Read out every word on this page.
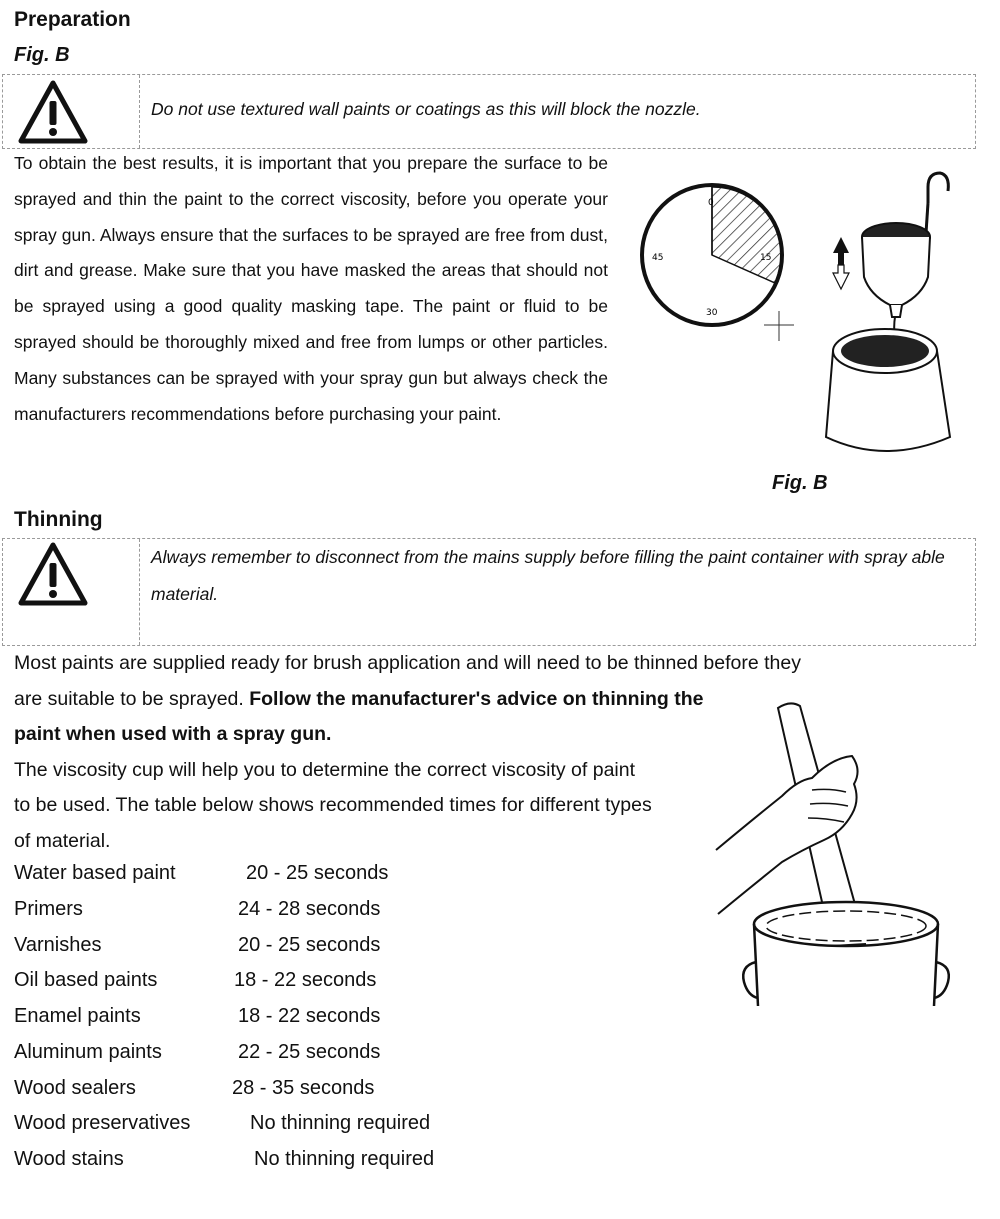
Preparation
Fig. B
Do not use textured wall paints or coatings as this will block the nozzle.
To obtain the best results, it is important that you prepare the surface to be sprayed and thin the paint to the correct viscosity, before you operate your spray gun. Always ensure that the surfaces to be sprayed are free from dust, dirt and grease. Make sure that you have masked the areas that should not be sprayed using a good quality masking tape. The paint or fluid to be sprayed should be thoroughly mixed and free from lumps or other particles. Many substances can be sprayed with your spray gun but always check the manufacturers recommendations before purchasing your paint.
0
15
30
45
Fig. B
Thinning
Always remember to disconnect from the mains supply before filling the paint container with spray able material.
Most paints are supplied ready for brush application and will need to be thinned before they
are suitable to be sprayed. Follow the manufacturer's advice on thinning the paint when used with a spray gun. The viscosity cup will help you to determine the correct viscosity of paint to be used. The table below shows recommended times for different types of material.
Water based paint	20 - 25 seconds
Primers	24 - 28 seconds
Varnishes	20 - 25 seconds
Oil based paints	18 - 22 seconds
Enamel paints	18 - 22 seconds
Aluminum paints	22 - 25 seconds
Wood sealers	28 - 35 seconds
Wood preservatives	No thinning required
Wood stains	No thinning required
